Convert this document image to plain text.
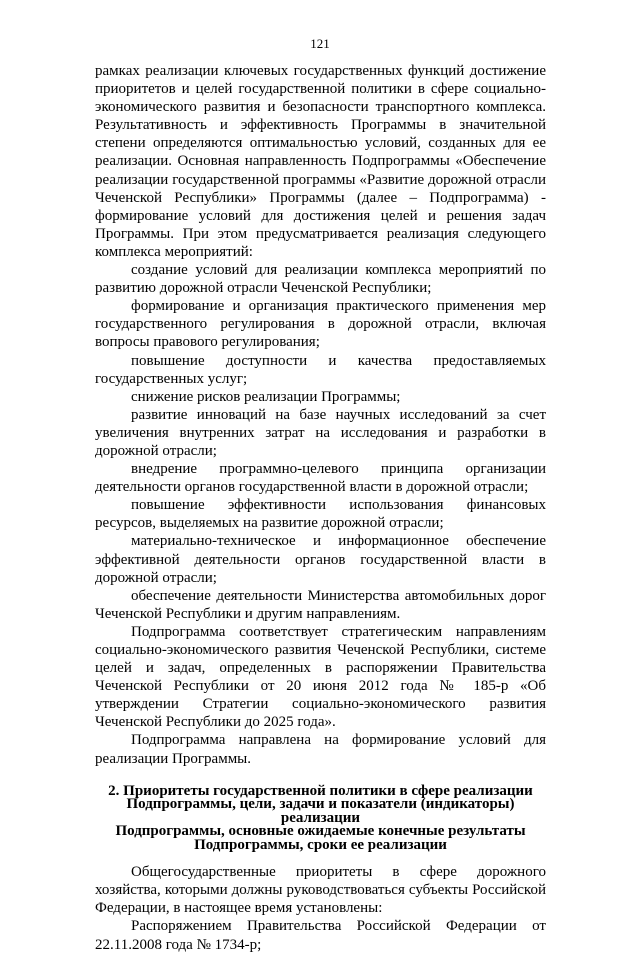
121

рамках реализации ключевых государственных функций достижение приоритетов и целей государственной политики в сфере социально-экономического развития и безопасности транспортного комплекса. Результативность и эффективность Программы в значительной степени определяются оптимальностью условий, созданных для ее реализации. Основная направленность Подпрограммы «Обеспечение реализации государственной программы «Развитие дорожной отрасли Чеченской Республики» Программы (далее – Подпрограмма) - формирование условий для достижения целей и решения задач Программы. При этом предусматривается реализация следующего комплекса мероприятий:

создание условий для реализации комплекса мероприятий по развитию дорожной отрасли Чеченской Республики;

формирование и организация практического применения мер государственного регулирования в дорожной отрасли, включая вопросы правового регулирования;

повышение доступности и качества предоставляемых государственных услуг;

снижение рисков реализации Программы;

развитие инноваций на базе научных исследований за счет увеличения внутренних затрат на исследования и разработки в дорожной отрасли;

внедрение программно-целевого принципа организации деятельности органов государственной власти в дорожной отрасли;

повышение эффективности использования финансовых ресурсов, выделяемых на развитие дорожной отрасли;

материально-техническое и информационное обеспечение эффективной деятельности органов государственной власти в дорожной отрасли;

обеспечение деятельности Министерства автомобильных дорог Чеченской Республики и другим направлениям.

Подпрограмма соответствует стратегическим направлениям социально-экономического развития Чеченской Республики, системе целей и задач, определенных в распоряжении Правительства Чеченской Республики от 20 июня 2012 года № 185-р «Об утверждении Стратегии социально-экономического развития Чеченской Республики до 2025 года».

Подпрограмма направлена на формирование условий для реализации Программы.

2. Приоритеты государственной политики в сфере реализации
Подпрограммы, цели, задачи и показатели (индикаторы) реализации
Подпрограммы, основные ожидаемые конечные результаты
Подпрограммы, сроки ее реализации

Общегосударственные приоритеты в сфере дорожного хозяйства, которыми должны руководствоваться субъекты Российской Федерации, в настоящее время установлены:

Распоряжением Правительства Российской Федерации от 22.11.2008 года № 1734-р;
